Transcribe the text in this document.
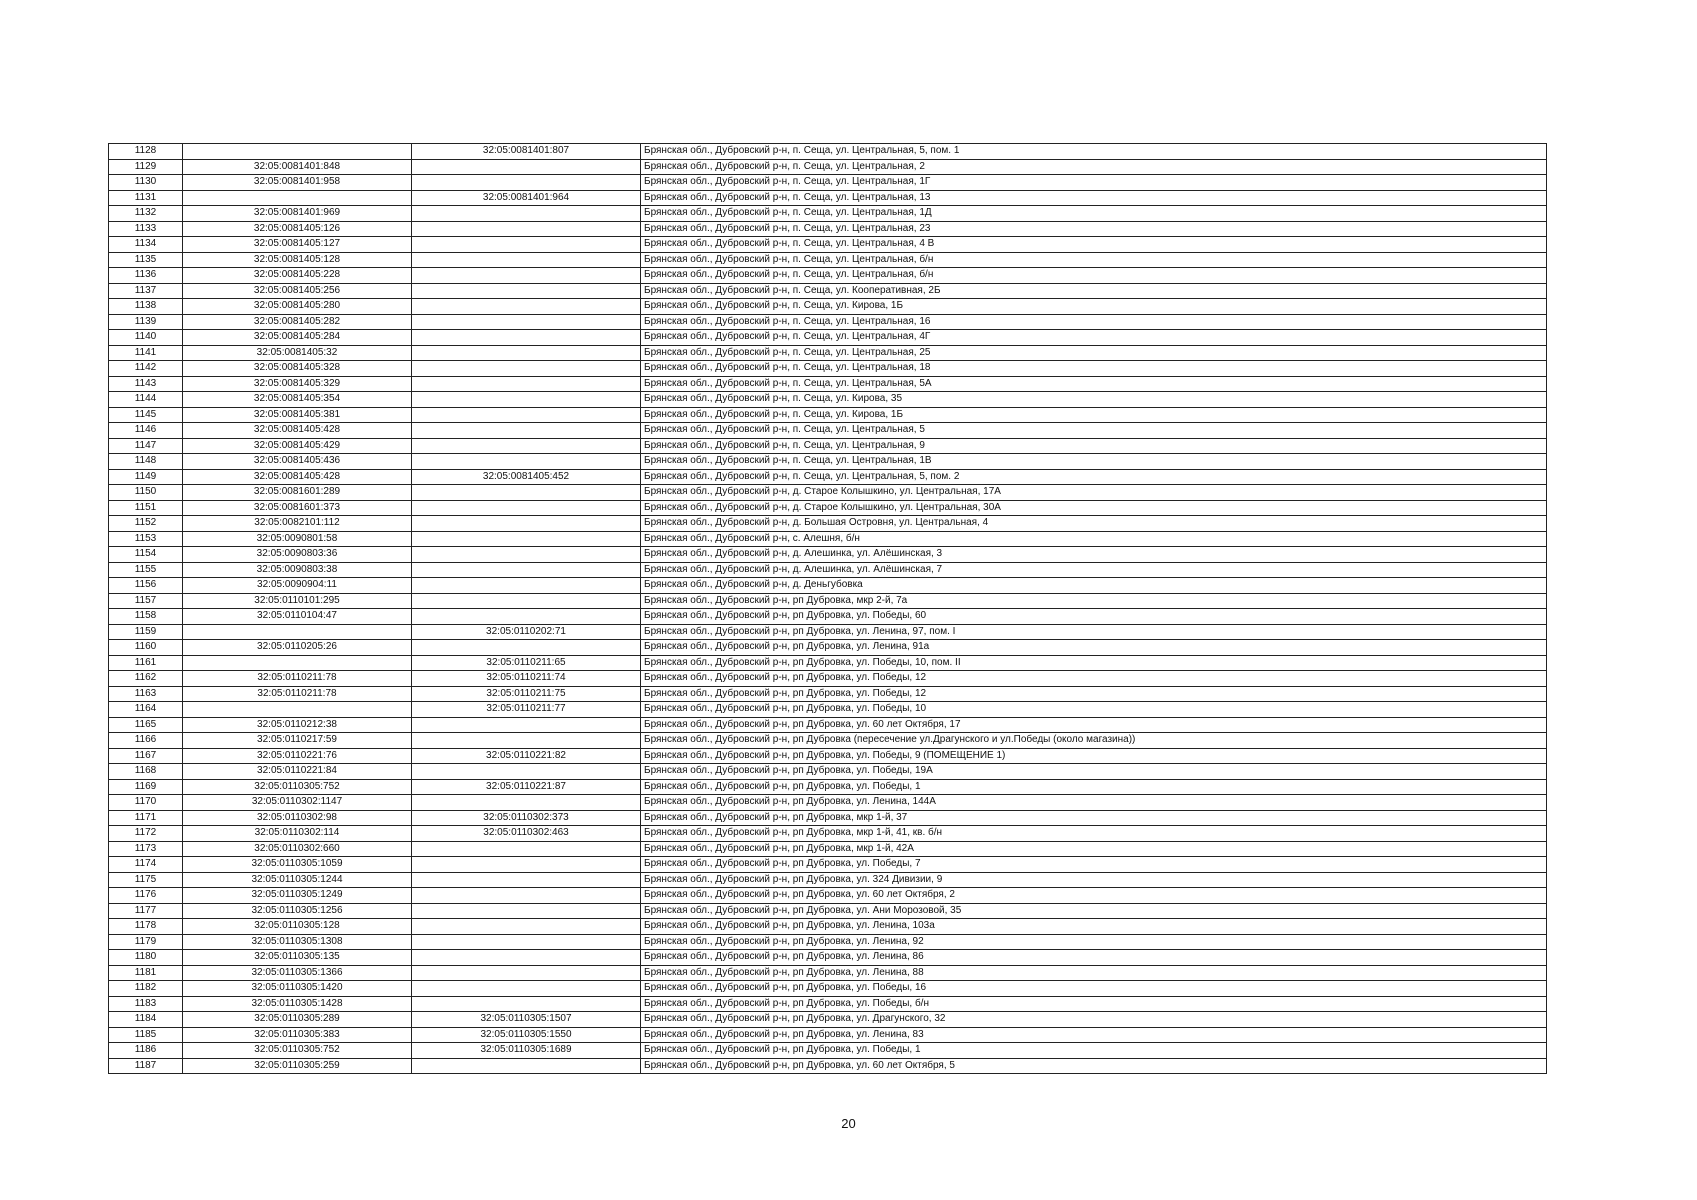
1128		32:05:0081401:807	Брянская обл., Дубровский р-н, п. Сеща, ул. Центральная, 5, пом. 1
1129	32:05:0081401:848		Брянская обл., Дубровский р-н, п. Сеща, ул. Центральная, 2
1130	32:05:0081401:958		Брянская обл., Дубровский р-н, п. Сеща, ул. Центральная, 1Г
1131		32:05:0081401:964	Брянская обл., Дубровский р-н, п. Сеща, ул. Центральная, 13
1132	32:05:0081401:969		Брянская обл., Дубровский р-н, п. Сеща, ул. Центральная, 1Д
1133	32:05:0081405:126		Брянская обл., Дубровский р-н, п. Сеща, ул. Центральная, 23
1134	32:05:0081405:127		Брянская обл., Дубровский р-н, п. Сеща, ул. Центральная, 4 В
1135	32:05:0081405:128		Брянская обл., Дубровский р-н, п. Сеща, ул. Центральная, б/н
1136	32:05:0081405:228		Брянская обл., Дубровский р-н, п. Сеща, ул. Центральная, б/н
1137	32:05:0081405:256		Брянская обл., Дубровский р-н, п. Сеща, ул. Кооперативная, 2Б
1138	32:05:0081405:280		Брянская обл., Дубровский р-н, п. Сеща, ул. Кирова, 1Б
1139	32:05:0081405:282		Брянская обл., Дубровский р-н, п. Сеща, ул. Центральная, 16
1140	32:05:0081405:284		Брянская обл., Дубровский р-н, п. Сеща, ул. Центральная, 4Г
1141	32:05:0081405:32		Брянская обл., Дубровский р-н, п. Сеща, ул. Центральная, 25
1142	32:05:0081405:328		Брянская обл., Дубровский р-н, п. Сеща, ул. Центральная, 18
1143	32:05:0081405:329		Брянская обл., Дубровский р-н, п. Сеща, ул. Центральная, 5А
1144	32:05:0081405:354		Брянская обл., Дубровский р-н, п. Сеща, ул. Кирова, 35
1145	32:05:0081405:381		Брянская обл., Дубровский р-н, п. Сеща, ул. Кирова, 1Б
1146	32:05:0081405:428		Брянская обл., Дубровский р-н, п. Сеща, ул. Центральная, 5
1147	32:05:0081405:429		Брянская обл., Дубровский р-н, п. Сеща, ул. Центральная, 9
1148	32:05:0081405:436		Брянская обл., Дубровский р-н, п. Сеща, ул. Центральная, 1В
1149	32:05:0081405:428	32:05:0081405:452	Брянская обл., Дубровский р-н, п. Сеща, ул. Центральная, 5, пом. 2
1150	32:05:0081601:289		Брянская обл., Дубровский р-н, д. Старое Колышкино, ул. Центральная, 17А
1151	32:05:0081601:373		Брянская обл., Дубровский р-н, д. Старое Колышкино, ул. Центральная, 30А
1152	32:05:0082101:112		Брянская обл., Дубровский р-н, д. Большая Островня, ул. Центральная, 4
1153	32:05:0090801:58		Брянская обл., Дубровский р-н, с. Алешня, б/н
1154	32:05:0090803:36		Брянская обл., Дубровский р-н, д. Алешинка, ул. Алёшинская, 3
1155	32:05:0090803:38		Брянская обл., Дубровский р-н, д. Алешинка, ул. Алёшинская, 7
1156	32:05:0090904:11		Брянская обл., Дубровский р-н, д. Деньгубовка
1157	32:05:0110101:295		Брянская обл., Дубровский р-н, рп Дубровка, мкр 2-й, 7а
1158	32:05:0110104:47		Брянская обл., Дубровский р-н, рп Дубровка, ул. Победы, 60
1159		32:05:0110202:71	Брянская обл., Дубровский р-н, рп Дубровка, ул. Ленина, 97, пом. I
1160	32:05:0110205:26		Брянская обл., Дубровский р-н, рп Дубровка, ул. Ленина, 91а
1161		32:05:0110211:65	Брянская обл., Дубровский р-н, рп Дубровка, ул. Победы, 10, пом. II
1162	32:05:0110211:78	32:05:0110211:74	Брянская обл., Дубровский р-н, рп Дубровка, ул. Победы, 12
1163	32:05:0110211:78	32:05:0110211:75	Брянская обл., Дубровский р-н, рп Дубровка, ул. Победы, 12
1164		32:05:0110211:77	Брянская обл., Дубровский р-н, рп Дубровка, ул. Победы, 10
1165	32:05:0110212:38		Брянская обл., Дубровский р-н, рп Дубровка, ул. 60 лет Октября, 17
1166	32:05:0110217:59		Брянская обл., Дубровский р-н, рп Дубровка (пересечение ул.Драгунского и ул.Победы (около магазина))
1167	32:05:0110221:76	32:05:0110221:82	Брянская обл., Дубровский р-н, рп Дубровка, ул. Победы, 9 (ПОМЕЩЕНИЕ 1)
1168	32:05:0110221:84		Брянская обл., Дубровский р-н, рп Дубровка, ул. Победы, 19А
1169	32:05:0110305:752	32:05:0110221:87	Брянская обл., Дубровский р-н, рп Дубровка, ул. Победы, 1
1170	32:05:0110302:1147		Брянская обл., Дубровский р-н, рп Дубровка, ул. Ленина, 144А
1171	32:05:0110302:98	32:05:0110302:373	Брянская обл., Дубровский р-н, рп Дубровка, мкр 1-й, 37
1172	32:05:0110302:114	32:05:0110302:463	Брянская обл., Дубровский р-н, рп Дубровка, мкр 1-й, 41, кв. б/н
1173	32:05:0110302:660		Брянская обл., Дубровский р-н, рп Дубровка, мкр 1-й, 42А
1174	32:05:0110305:1059		Брянская обл., Дубровский р-н, рп Дубровка, ул. Победы, 7
1175	32:05:0110305:1244		Брянская обл., Дубровский р-н, рп Дубровка, ул. 324 Дивизии, 9
1176	32:05:0110305:1249		Брянская обл., Дубровский р-н, рп Дубровка, ул. 60 лет Октября, 2
1177	32:05:0110305:1256		Брянская обл., Дубровский р-н, рп Дубровка, ул. Ани Морозовой, 35
1178	32:05:0110305:128		Брянская обл., Дубровский р-н, рп Дубровка, ул. Ленина, 103а
1179	32:05:0110305:1308		Брянская обл., Дубровский р-н, рп Дубровка, ул. Ленина, 92
1180	32:05:0110305:135		Брянская обл., Дубровский р-н, рп Дубровка, ул. Ленина, 86
1181	32:05:0110305:1366		Брянская обл., Дубровский р-н, рп Дубровка, ул. Ленина, 88
1182	32:05:0110305:1420		Брянская обл., Дубровский р-н, рп Дубровка, ул. Победы, 16
1183	32:05:0110305:1428		Брянская обл., Дубровский р-н, рп Дубровка, ул. Победы, б/н
1184	32:05:0110305:289	32:05:0110305:1507	Брянская обл., Дубровский р-н, рп Дубровка, ул. Драгунского, 32
1185	32:05:0110305:383	32:05:0110305:1550	Брянская обл., Дубровский р-н, рп Дубровка, ул. Ленина, 83
1186	32:05:0110305:752	32:05:0110305:1689	Брянская обл., Дубровский р-н, рп Дубровка, ул. Победы, 1
1187	32:05:0110305:259		Брянская обл., Дубровский р-н, рп Дубровка, ул. 60 лет Октября, 5
20
